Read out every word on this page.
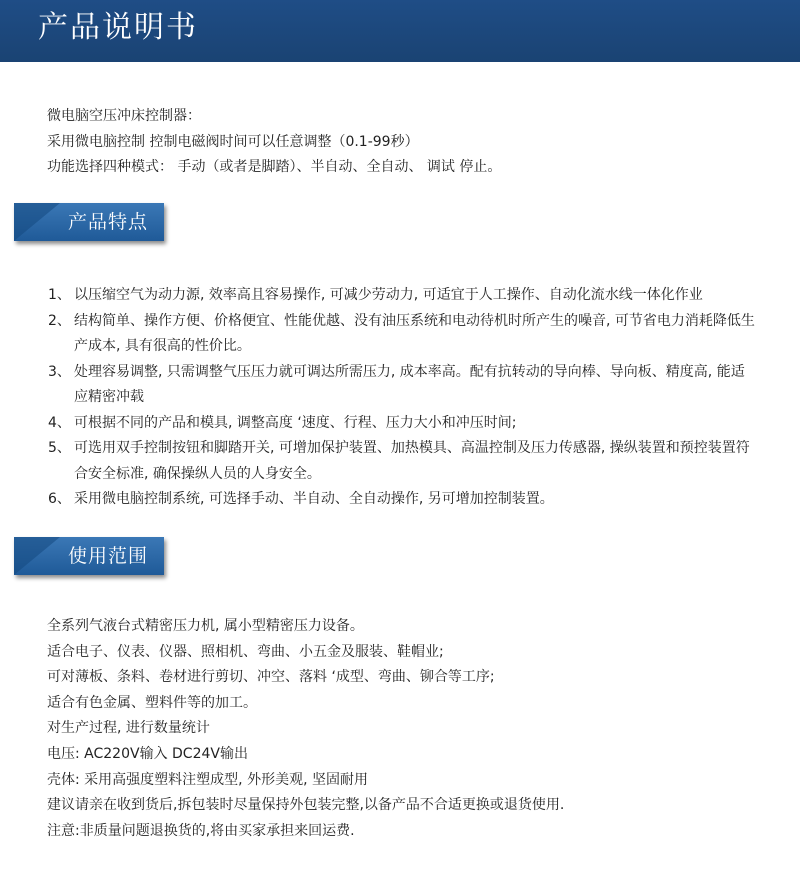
产品说明书

微电脑空压冲床控制器：

采用微电脑控制 控制电磁阀时间可以任意调整（0.1-99秒）

功能选择四种模式： 手动（或者是脚踏）、半自动、全自动、 调试 停止。

产品特点
1、 以压缩空气为动力源, 效率高且容易操作, 可减少劳动力, 可适宜于人工操作、自动化流水线一体化作业
2、 结构简单、操作方便、价格便宜、性能优越、没有油压系统和电动待机时所产生的噪音, 可节省电力消耗降低生产成本, 具有很高的性价比。
3、 处理容易调整, 只需调整气压压力就可调达所需压力, 成本率高。配有抗转动的导向棒、导向板、精度高, 能适应精密冲载
4、 可根据不同的产品和模具, 调整高度 ‘速度、行程、压力大小和冲压时间;
5、 可选用双手控制按钮和脚踏开关, 可增加保护装置、加热模具、高温控制及压力传感器, 操纵装置和预控装置符合安全标准, 确保操纵人员的人身安全。
6、 采用微电脑控制系统, 可选择手动、半自动、全自动操作, 另可增加控制装置。
使用范围

全系列气液台式精密压力机, 属小型精密压力设备。

适合电子、仪表、仪器、照相机、弯曲、小五金及服装、鞋帽业;

可对薄板、条料、卷材进行剪切、冲空、落料 ‘成型、弯曲、铆合等工序;

适合有色金属、塑料件等的加工。

对生产过程, 进行数量统计

电压: AC220V输入 DC24V输出

壳体: 采用高强度塑料注塑成型, 外形美观, 坚固耐用

建议请亲在收到货后,拆包装时尽量保持外包装完整,以备产品不合适更换或退货使用.

注意:非质量问题退换货的,将由买家承担来回运费.
